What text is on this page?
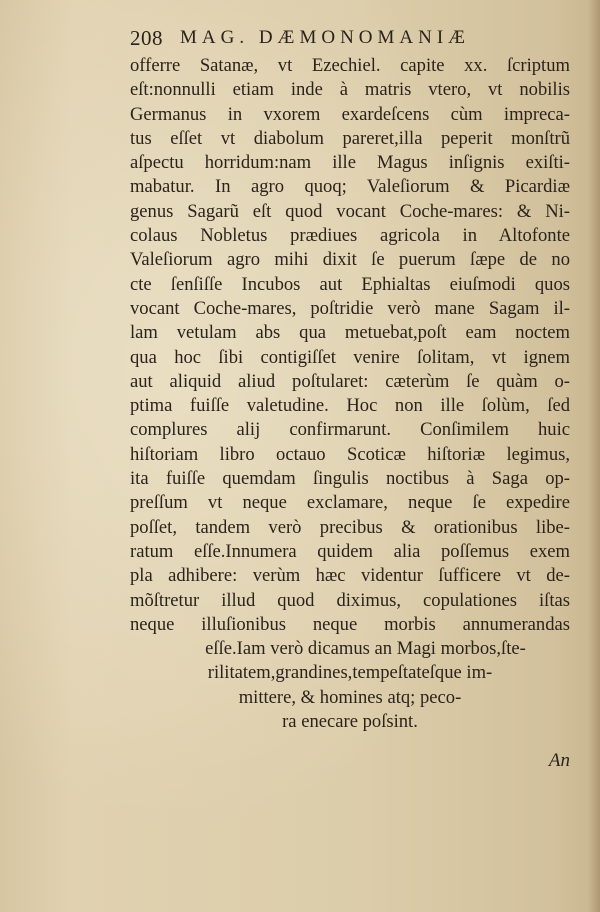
208 MAG. DÆMONOMANIÆ
offerre Satanæ, vt Ezechiel. capite xx. ſcriptum
eſt:nonnulli etiam inde à matris vtero, vt nobilis
Germanus in vxorem exardeſcens cùm impreca-
tus eſſet vt diabolum pareret,illa peperit monſtrũ
aſpectu horridum:nam ille Magus inſignis exiſti-
mabatur. In agro quoq; Valeſiorum & Picardiæ
genus Sagarũ eſt quod vocant Coche-mares: & Ni-
colaus Nobletus prædiues agricola in Altofonte
Valeſiorum agro mihi dixit ſe puerum ſæpe de no
cte ſenſiſſe Incubos aut Ephialtas eiuſmodi quos
vocant Coche-mares, poſtridie verò mane Sagam il-
lam vetulam abs qua metuebat,poſt eam noctem
qua hoc ſibi contigiſſet venire ſolitam, vt ignem
aut aliquid aliud poſtularet: cæterùm ſe quàm o-
ptima fuiſſe valetudine. Hoc non ille ſolùm, ſed
complures alij confirmarunt. Conſimilem huic
hiſtoriam libro octauo Scoticæ hiſtoriæ legimus,
ita fuiſſe quemdam ſingulis noctibus à Saga op-
preſſum vt neque exclamare, neque ſe expedire
poſſet, tandem verò precibus & orationibus libe-
ratum eſſe.Innumera quidem alia poſſemus exem
pla adhibere: verùm hæc videntur ſufficere vt de-
mõſtretur illud quod diximus, copulationes iſtas
neque illuſionibus neque morbis annumerandas
eſſe.Iam verò dicamus an Magi morbos,ſte-
rilitatem,grandines,tempeſtateſque im-
mittere, & homines atq; peco-
ra enecare poſsint.
An
